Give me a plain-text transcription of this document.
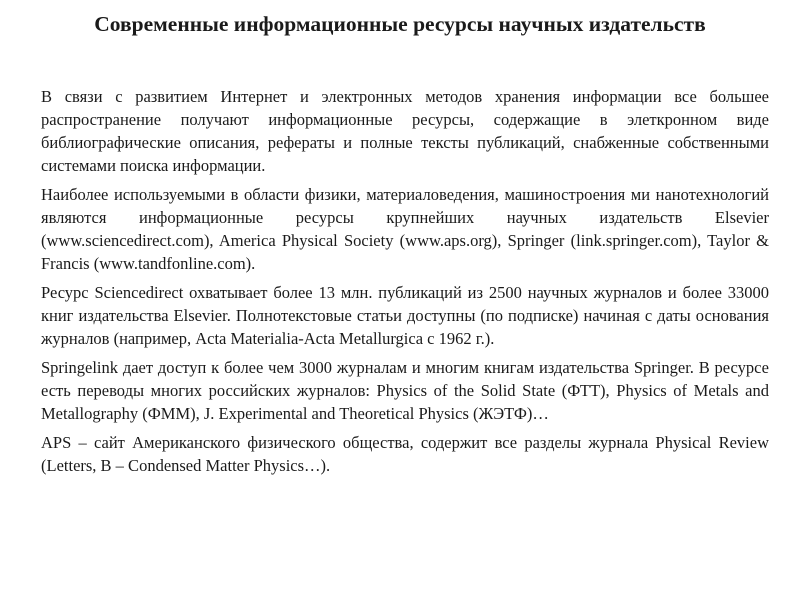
Современные информационные ресурсы научных издательств

В связи с развитием Интернет и электронных методов хранения информации все большее распространение получают информационные ресурсы, содержащие в элеткронном виде библиографические описания, рефераты и полные тексты публикаций, снабженные собственными системами поиска информации.

Наиболее используемыми в области физики, материаловедения, машиностроения ми нанотехнологий являются информационные ресурсы крупнейших научных издательств Elsevier (www.sciencedirect.com), America Physical Society (www.aps.org), Springer (link.springer.com), Taylor & Francis (www.tandfonline.com).

Ресурс Sciencedirect охватывает более 13 млн. публикаций из 2500 научных журналов и более 33000 книг издательства Elsevier. Полнотекстовые статьи доступны (по подписке) начиная с даты основания журналов (например, Acta Materialia-Acta Metallurgica с 1962 г.).

Springelink дает доступ к более чем 3000 журналам и многим книгам издательства Springer. В ресурсе есть переводы многих российских журналов: Physics of the Solid State (ФТТ), Physics of Metals and Metallography (ФММ), J. Experimental and Theoretical Physics (ЖЭТФ)…

APS – сайт Американского физического общества, содержит все разделы журнала Physical Review (Letters, B – Condensed Matter Physics…).
